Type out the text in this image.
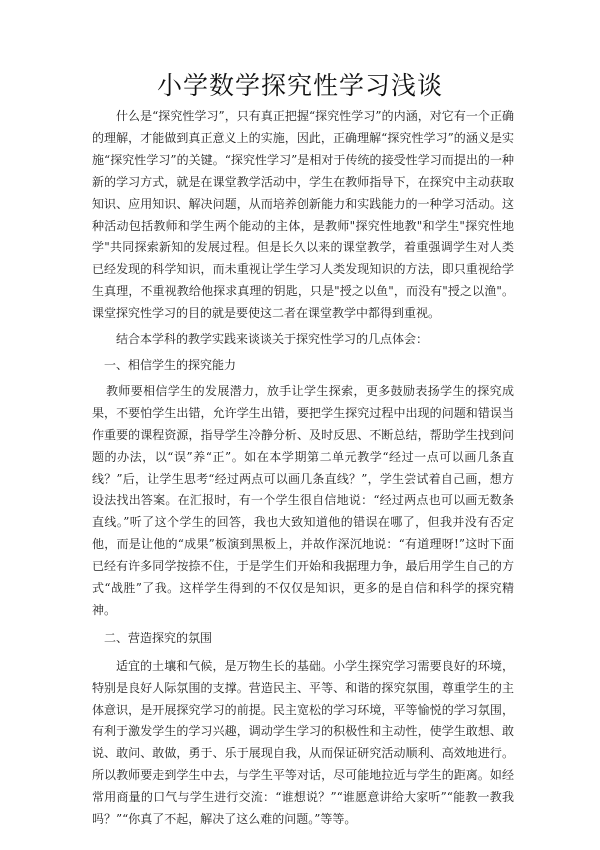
小学数学探究性学习浅谈

什么是“探究性学习”，只有真正把握“探究性学习”的内涵，对它有一个正确的理解，才能做到真正意义上的实施，因此，正确理解“探究性学习”的涵义是实施“探究性学习”的关键。“探究性学习”是相对于传统的接受性学习而提出的一种新的学习方式，就是在课堂教学活动中，学生在教师指导下，在探究中主动获取知识、应用知识、解决问题，从而培养创新能力和实践能力的一种学习活动。这种活动包括教师和学生两个能动的主体，是教师"探究性地教"和学生"探究性地学"共同探索新知的发展过程。但是长久以来的课堂教学，着重强调学生对人类已经发现的科学知识，而未重视让学生学习人类发现知识的方法，即只重视给学生真理，不重视教给他探求真理的钥匙，只是"授之以鱼"，而没有"授之以渔"。课堂探究性学习的目的就是要使这二者在课堂教学中都得到重视。

结合本学科的教学实践来谈谈关于探究性学习的几点体会：

一、相信学生的探究能力

教师要相信学生的发展潜力，放手让学生探索，更多鼓励表扬学生的探究成果，不要怕学生出错，允许学生出错，要把学生探究过程中出现的问题和错误当作重要的课程资源，指导学生冷静分析、及时反思、不断总结，帮助学生找到问题的办法，以“误”养“正”。如在本学期第二单元教学“经过一点可以画几条直线？”后，让学生思考“经过两点可以画几条直线？”，学生尝试着自己画，想方设法找出答案。在汇报时，有一个学生很自信地说：“经过两点也可以画无数条直线。”听了这个学生的回答，我也大致知道他的错误在哪了，但我并没有否定他，而是让他的“成果”板演到黑板上，并故作深沉地说：“有道理呀!”这时下面已经有许多同学按捺不住，于是学生们开始和我据理力争，最后用学生自己的方式“战胜”了我。这样学生得到的不仅仅是知识，更多的是自信和科学的探究精神。

二、营造探究的氛围

适宜的土壤和气候，是万物生长的基础。小学生探究学习需要良好的环境，特别是良好人际氛围的支撑。营造民主、平等、和谐的探究氛围，尊重学生的主体意识，是开展探究学习的前提。民主宽松的学习环境，平等愉悦的学习氛围，有利于激发学生的学习兴趣，调动学生学习的积极性和主动性，使学生敢想、敢说、敢问、敢做，勇于、乐于展现自我，从而保证研究活动顺利、高效地进行。所以教师要走到学生中去，与学生平等对话，尽可能地拉近与学生的距离。如经常用商量的口气与学生进行交流：“谁想说？”“谁愿意讲给大家听”“能教一教我吗？”“你真了不起，解决了这么难的问题。”等等。
